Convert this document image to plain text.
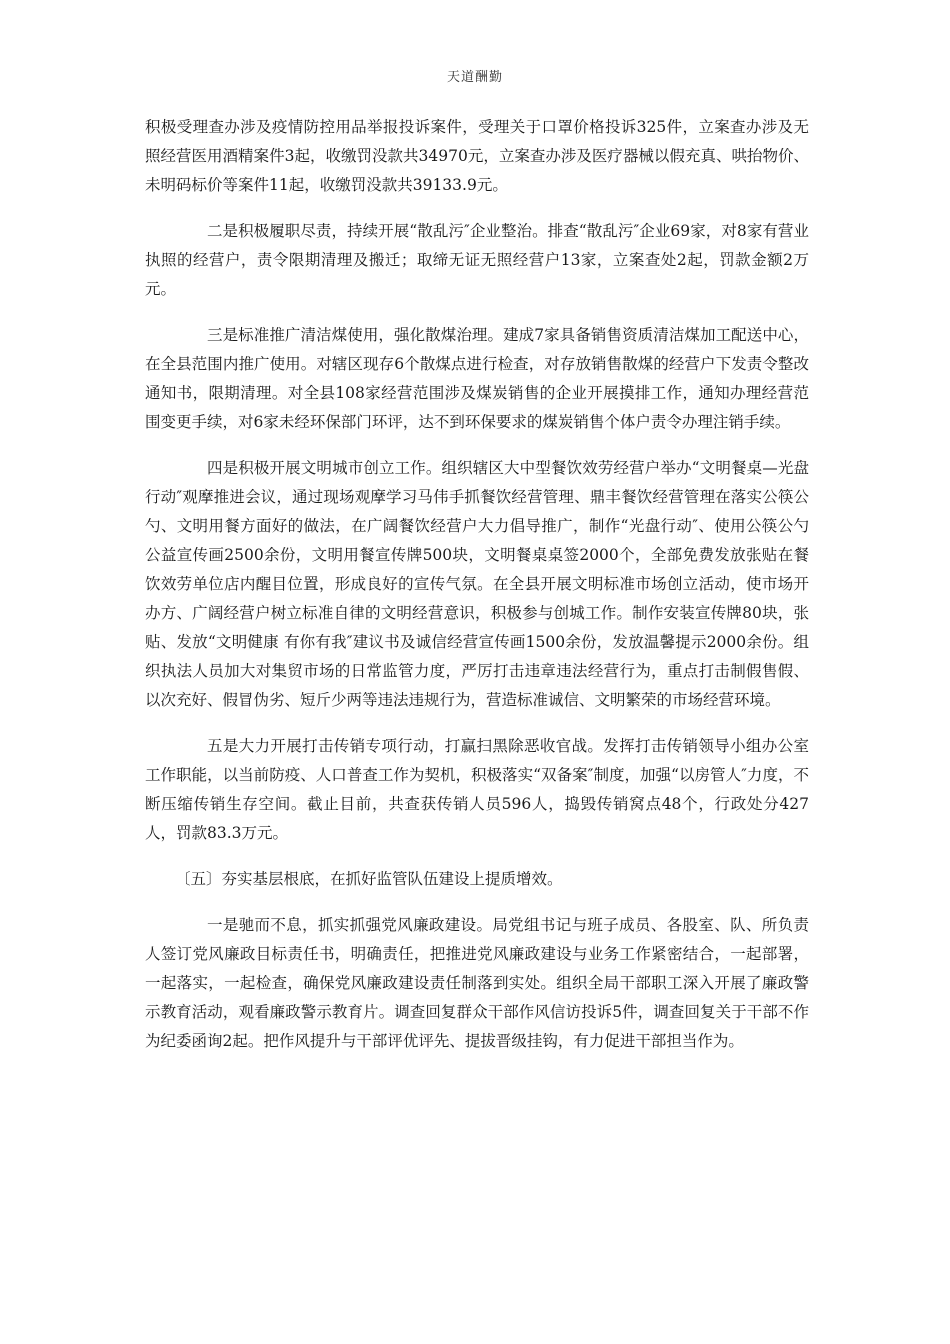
天道酬勤

积极受理查办涉及疫情防控用品举报投诉案件，受理关于口罩价格投诉325件，立案查办涉及无照经营医用酒精案件3起，收缴罚没款共34970元，立案查办涉及医疗器械以假充真、哄抬物价、未明码标价等案件11起，收缴罚没款共39133.9元。

二是积极履职尽责，持续开展“散乱污″企业整治。排查“散乱污″企业69家，对8家有营业执照的经营户，责令限期清理及搬迁；取缔无证无照经营户13家，立案查处2起，罚款金额2万元。

三是标准推广清洁煤使用，强化散煤治理。建成7家具备销售资质清洁煤加工配送中心，在全县范围内推广使用。对辖区现存6个散煤点进行检查，对存放销售散煤的经营户下发责令整改通知书，限期清理。对全县108家经营范围涉及煤炭销售的企业开展摸排工作，通知办理经营范围变更手续，对6家未经环保部门环评，达不到环保要求的煤炭销售个体户责令办理注销手续。

四是积极开展文明城市创立工作。组织辖区大中型餐饮效劳经营户举办“文明餐桌—光盘行动″观摩推进会议，通过现场观摩学习马伟手抓餐饮经营管理、鼎丰餐饮经营管理在落实公筷公勺、文明用餐方面好的做法，在广阔餐饮经营户大力倡导推广，制作“光盘行动″、使用公筷公勺公益宣传画2500余份，文明用餐宣传牌500块，文明餐桌桌签2000个，全部免费发放张贴在餐饮效劳单位店内醒目位置，形成良好的宣传气氛。在全县开展文明标准市场创立活动，使市场开办方、广阔经营户树立标准自律的文明经营意识，积极参与创城工作。制作安装宣传牌80块，张贴、发放“文明健康 有你有我″建议书及诚信经营宣传画1500余份，发放温馨提示2000余份。组织执法人员加大对集贸市场的日常监管力度，严厉打击违章违法经营行为，重点打击制假售假、以次充好、假冒伪劣、短斤少两等违法违规行为，营造标准诚信、文明繁荣的市场经营环境。

五是大力开展打击传销专项行动，打赢扫黑除恶收官战。发挥打击传销领导小组办公室工作职能，以当前防疫、人口普查工作为契机，积极落实“双备案″制度，加强“以房管人″力度，不断压缩传销生存空间。截止目前，共查获传销人员596人，捣毁传销窝点48个，行政处分427人，罚款83.3万元。

〔五〕夯实基层根底，在抓好监管队伍建设上提质增效。

一是驰而不息，抓实抓强党风廉政建设。局党组书记与班子成员、各股室、队、所负责人签订党风廉政目标责任书，明确责任，把推进党风廉政建设与业务工作紧密结合，一起部署，一起落实，一起检查，确保党风廉政建设责任制落到实处。组织全局干部职工深入开展了廉政警示教育活动，观看廉政警示教育片。调查回复群众干部作风信访投诉5件，调查回复关于干部不作为纪委函询2起。把作风提升与干部评优评先、提拔晋级挂钩，有力促进干部担当作为。
